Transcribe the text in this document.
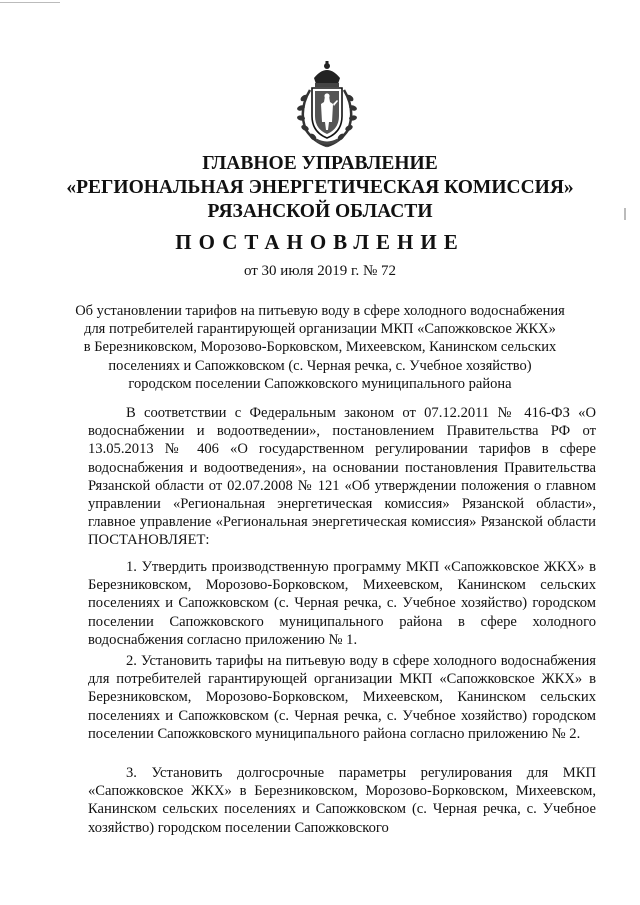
ГЛАВНОЕ УПРАВЛЕНИЕ
«РЕГИОНАЛЬНАЯ ЭНЕРГЕТИЧЕСКАЯ КОМИССИЯ»
РЯЗАНСКОЙ ОБЛАСТИ
ПОСТАНОВЛЕНИЕ
от 30 июля 2019 г. № 72
Об установлении тарифов на питьевую воду в сфере холодного водоснабжения
для потребителей гарантирующей организации МКП «Сапожковское ЖКХ»
в Березниковском, Морозово-Борковском, Михеевском, Канинском сельских
поселениях и Сапожковском (с. Черная речка, с. Учебное хозяйство)
городском поселении Сапожковского муниципального района
В соответствии с Федеральным законом от 07.12.2011 № 416-ФЗ «О водоснабжении и водоотведении», постановлением Правительства РФ от 13.05.2013 № 406 «О государственном регулировании тарифов в сфере водоснабжения и водоотведения», на основании постановления Правительства Рязанской области от 02.07.2008 № 121 «Об утверждении положения о главном управлении «Региональная энергетическая комиссия» Рязанской области», главное управление «Региональная энергетическая комиссия» Рязанской области ПОСТАНОВЛЯЕТ:
1. Утвердить производственную программу МКП «Сапожковское ЖКХ» в Березниковском, Морозово-Борковском, Михеевском, Канинском сельских поселениях и Сапожковском (с. Черная речка, с. Учебное хозяйство) городском поселении Сапожковского муниципального района в сфере холодного водоснабжения согласно приложению № 1.
2. Установить тарифы на питьевую воду в сфере холодного водоснабжения для потребителей гарантирующей организации МКП «Сапожковское ЖКХ» в Березниковском, Морозово-Борковском, Михеевском, Канинском сельских поселениях и Сапожковском (с. Черная речка, с. Учебное хозяйство) городском поселении Сапожковского муниципального района согласно приложению № 2.
3. Установить долгосрочные параметры регулирования для МКП «Сапожковское ЖКХ» в Березниковском, Морозово-Борковском, Михеевском, Канинском сельских поселениях и Сапожковском (с. Черная речка, с. Учебное хозяйство) городском поселении Сапожковского
